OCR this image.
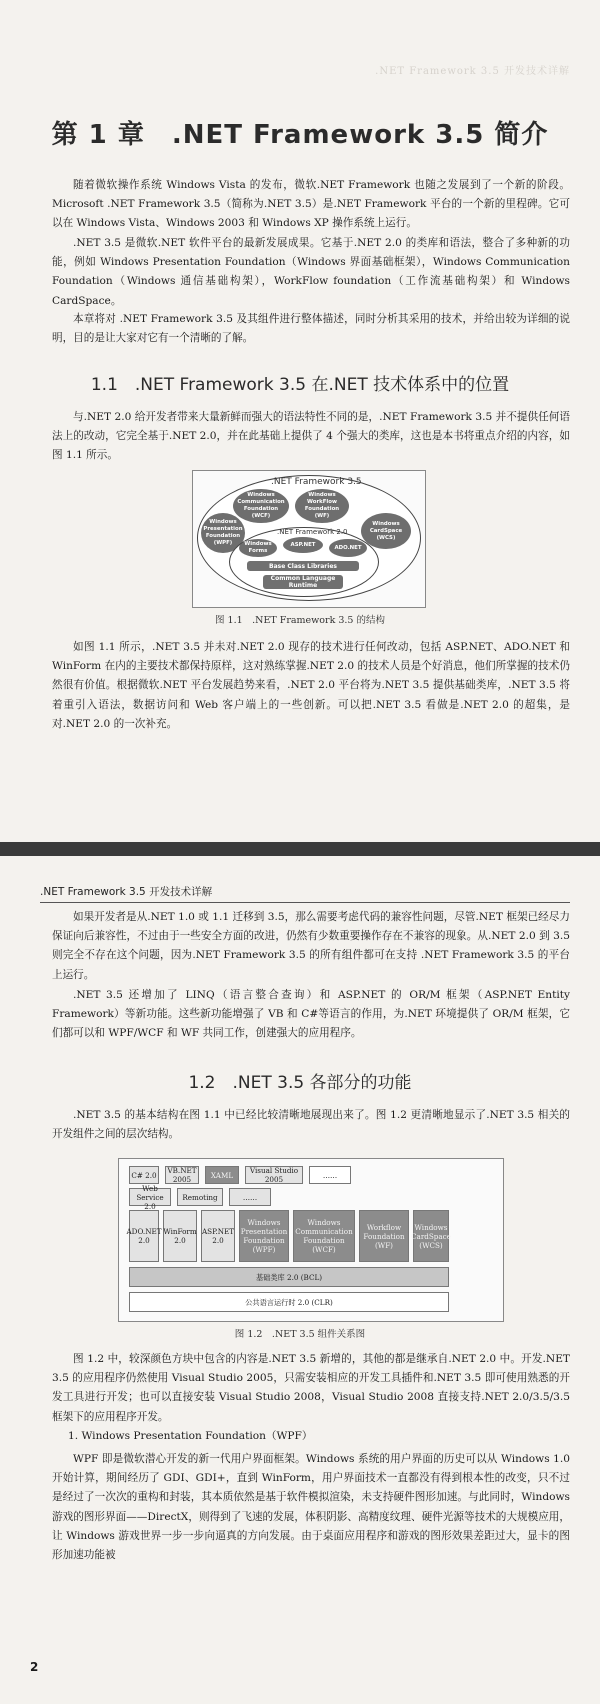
.NET Framework 3.5 开发技术详解
第 1 章　.NET Framework 3.5 简介

随着微软操作系统 Windows Vista 的发布，微软.NET Framework 也随之发展到了一个新的阶段。Microsoft .NET Framework 3.5（简称为.NET 3.5）是.NET Framework 平台的一个新的里程碑。它可以在 Windows Vista、Windows 2003 和 Windows XP 操作系统上运行。

.NET 3.5 是微软.NET 软件平台的最新发展成果。它基于.NET 2.0 的类库和语法，整合了多种新的功能，例如 Windows Presentation Foundation（Windows 界面基础框架），Windows Communication Foundation（Windows 通信基础构架），WorkFlow foundation（工作流基础构架）和 Windows CardSpace。

本章将对 .NET Framework 3.5 及其组件进行整体描述，同时分析其采用的技术，并给出较为详细的说明，目的是让大家对它有一个清晰的了解。

1.1　.NET Framework 3.5 在.NET 技术体系中的位置

与.NET 2.0 给开发者带来大量新鲜而强大的语法特性不同的是，.NET Framework 3.5 并不提供任何语法上的改动，它完全基于.NET 2.0，并在此基础上提供了 4 个强大的类库，这也是本书将重点介绍的内容，如图 1.1 所示。

.NET Framework 3.5
Windows Communication Foundation (WCF)
Windows WorkFlow Foundation (WF)
Windows Presentation Foundation (WPF)
Windows CardSpace (WCS)
.NET Framework 2.0
Windows Forms
ASP.NET	ADO.NET
Base Class Libraries
Common Language Runtime
图 1.1　.NET Framework 3.5 的结构

如图 1.1 所示，.NET 3.5 并未对.NET 2.0 现存的技术进行任何改动，包括 ASP.NET、ADO.NET 和 WinForm 在内的主要技术都保持原样，这对熟练掌握.NET 2.0 的技术人员是个好消息，他们所掌握的技术仍然很有价值。根据微软.NET 平台发展趋势来看，.NET 2.0 平台将为.NET 3.5 提供基础类库，.NET 3.5 将着重引入语法，数据访问和 Web 客户端上的一些创新。可以把.NET 3.5 看做是.NET 2.0 的超集，是对.NET 2.0 的一次补充。

.NET Framework 3.5 开发技术详解

如果开发者是从.NET 1.0 或 1.1 迁移到 3.5，那么需要考虑代码的兼容性问题，尽管.NET 框架已经尽力保证向后兼容性，不过由于一些安全方面的改进，仍然有少数重要操作存在不兼容的现象。从.NET 2.0 到 3.5 则完全不存在这个问题，因为.NET Framework 3.5 的所有组件都可在支持 .NET Framework 3.5 的平台上运行。

.NET 3.5 还增加了 LINQ（语言整合查询）和 ASP.NET 的 OR/M 框架（ASP.NET Entity Framework）等新功能。这些新功能增强了 VB 和 C#等语言的作用，为.NET 环境提供了 OR/M 框架，它们都可以和 WPF/WCF 和 WF 共同工作，创建强大的应用程序。

1.2　.NET 3.5 各部分的功能

.NET 3.5 的基本结构在图 1.1 中已经比较清晰地展现出来了。图 1.2 更清晰地显示了.NET 3.5 相关的开发组件之间的层次结构。

C# 2.0	VB.NET 2005	XAML	Visual Studio 2005	……
Web Service 2.0
Remoting	……
ADO.NET 2.0
WinForm 2.0
ASP.NET 2.0
Windows Presentation Foundation (WPF)
Windows Communication Foundation (WCF)
Workflow Foundation (WF)
Windows CardSpace (WCS)
基础类库 2.0 (BCL)
公共语言运行时 2.0 (CLR)
图 1.2　.NET 3.5 组件关系图

图 1.2 中，较深颜色方块中包含的内容是.NET 3.5 新增的，其他的都是继承自.NET 2.0 中。开发.NET 3.5 的应用程序仍然使用 Visual Studio 2005，只需安装相应的开发工具插件和.NET 3.5 即可使用熟悉的开发工具进行开发；也可以直接安装 Visual Studio 2008，Visual Studio 2008 直接支持.NET 2.0/3.5/3.5 框架下的应用程序开发。

1. Windows Presentation Foundation（WPF）

WPF 即是微软潜心开发的新一代用户界面框架。Windows 系统的用户界面的历史可以从 Windows 1.0 开始计算，期间经历了 GDI、GDI+，直到 WinForm，用户界面技术一直都没有得到根本性的改变，只不过是经过了一次次的重构和封装，其本质依然是基于软件模拟渲染，未支持硬件图形加速。与此同时，Windows 游戏的图形界面——DirectX，则得到了飞速的发展，体积阴影、高精度纹理、硬件光源等技术的大规模应用，让 Windows 游戏世界一步一步向逼真的方向发展。由于桌面应用程序和游戏的图形效果差距过大，显卡的图形加速功能被

2
